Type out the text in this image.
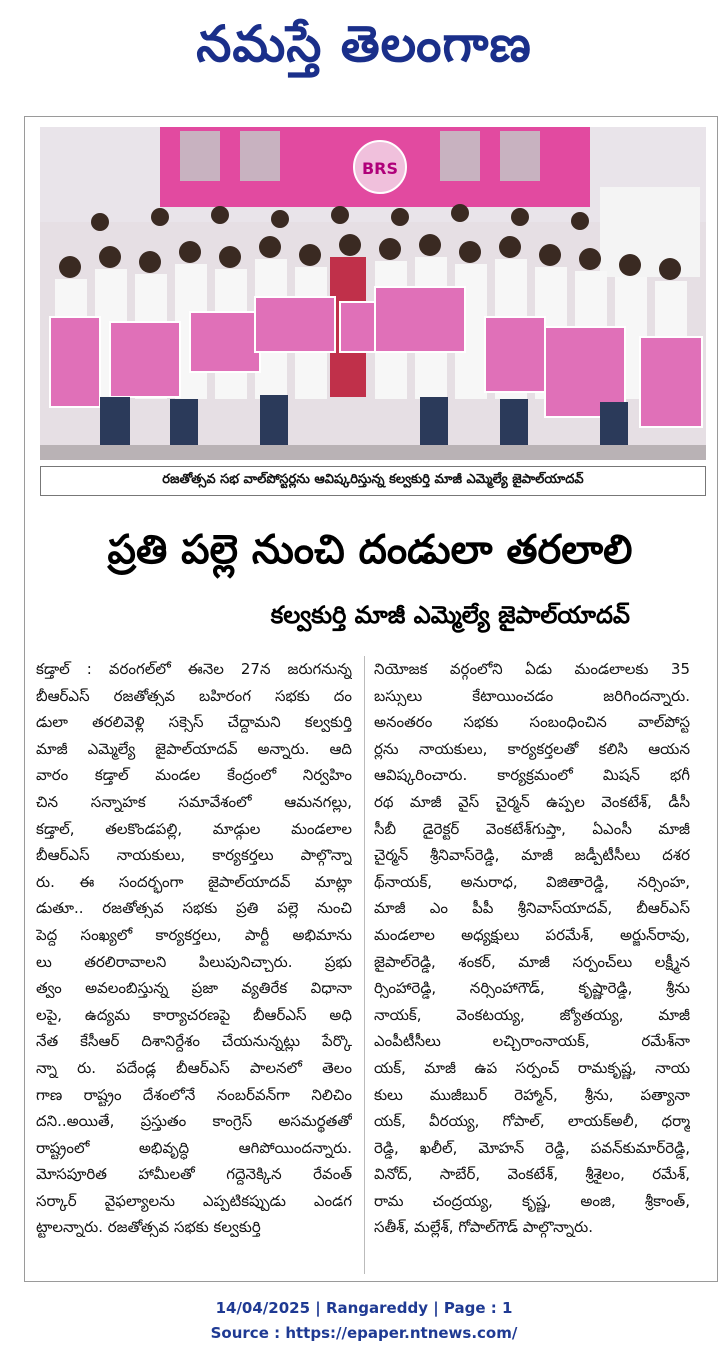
నమస్తే తెలంగాణ
BRS
రజతోత్సవ సభ వాల్‌పోస్టర్లను ఆవిష్కరిస్తున్న కల్వకుర్తి మాజీ ఎమ్మెల్యే జైపాల్‌యాదవ్
ప్రతి పల్లె నుంచి దండులా తరలాలి
కల్వకుర్తి మాజీ ఎమ్మెల్యే జైపాల్‌యాదవ్
కడ్తాల్ : వరంగల్‌లో ఈనెల 27న జరుగనున్న
బీఆర్‌ఎస్ రజతోత్సవ బహిరంగ సభకు దం
డులా తరలివెళ్లి సక్సెస్ చేద్దామని కల్వకుర్తి
మాజీ ఎమ్మెల్యే జైపాల్‌యాదవ్ అన్నారు. ఆది
వారం కడ్తాల్ మండల కేంద్రంలో నిర్వహిం
చిన సన్నాహక సమావేశంలో ఆమనగల్లు,
కడ్తాల్, తలకొండపల్లి, మాడ్గుల మండలాల
బీఆర్‌ఎస్ నాయకులు, కార్యకర్తలు పాల్గొన్నా
రు. ఈ సందర్భంగా జైపాల్‌యాదవ్ మాట్లా
డుతూ.. రజతోత్సవ సభకు ప్రతి పల్లె నుంచి
పెద్ద సంఖ్యలో కార్యకర్తలు, పార్టీ అభిమాను
లు తరలిరావాలని పిలుపునిచ్చారు. ప్రభు
త్వం అవలంబిస్తున్న ప్రజా వ్యతిరేక విధానా
లపై, ఉద్యమ కార్యాచరణపై బీఆర్‌ఎస్ అధి
నేత కేసీఆర్ దిశానిర్దేశం చేయనున్నట్లు పేర్కొ
న్నా రు. పదేండ్ల బీఆర్‌ఎస్ పాలనలో తెలం
గాణ రాష్ట్రం దేశంలోనే నంబర్‌వన్‌గా నిలిచిం
దని..అయితే, ప్రస్తుతం కాంగ్రెస్ అసమర్థతతో
రాష్ట్రంలో అభివృద్ధి ఆగిపోయిందన్నారు.
మోసపూరిత హామీలతో గద్దెనెక్కిన రేవంత్
సర్కార్ వైఫల్యాలను ఎప్పటికప్పుడు ఎండగ
ట్టాలన్నారు. రజతోత్సవ సభకు కల్వకుర్తి
నియోజక వర్గంలోని ఏడు మండలాలకు 35
బస్సులు కేటాయించడం జరిగిందన్నారు.
అనంతరం సభకు సంబంధించిన వాల్‌పోస్ట
ర్లను నాయకులు, కార్యకర్తలతో కలిసి ఆయన
ఆవిష్కరించారు. కార్యక్రమంలో మిషన్ భగీ
రథ మాజీ వైస్ చైర్మన్ ఉప్పల వెంకటేశ్, డీసీ
సీబీ డైరెక్టర్ వెంకటేశ్‌గుప్తా, ఏఎంసీ మాజీ
చైర్మన్ శ్రీనివాస్‌రెడ్డి, మాజీ జడ్పీటీసీలు దశర
థ్‌నాయక్, అనురాధ, విజితారెడ్డి, నర్సింహ,
మాజీ ఎం పీపీ శ్రీనివాస్‌యాదవ్, బీఆర్‌ఎస్
మండలాల అధ్యక్షులు పరమేశ్, అర్జున్‌రావు,
జైపాల్‌రెడ్డి, శంకర్, మాజీ సర్పంచ్‌లు లక్ష్మీన
ర్సింహారెడ్డి, నర్సింహాగౌడ్, కృష్ణారెడ్డి, శ్రీను
నాయక్, వెంకటయ్య, జ్యోతయ్య, మాజీ
ఎంపీటీసీలు లచ్చిరాంనాయక్, రమేశ్‌నా
యక్, మాజీ ఉప సర్పంచ్ రామకృష్ణ, నాయ
కులు ముజీబుర్ రెహ్మాన్, శ్రీను, పత్యానా
యక్, వీరయ్య, గోపాల్, లాయక్‌అలీ, ధర్మా
రెడ్డి, ఖలీల్, మోహన్ రెడ్డి, పవన్‌కుమార్‌రెడ్డి,
వినోద్, సాబేర్, వెంకటేశ్, శ్రీశైలం, రమేశ్,
రామ చంద్రయ్య, కృష్ణ, అంజి, శ్రీకాంత్,
సతీశ్, మల్లేశ్, గోపాల్‌గౌడ్ పాల్గొన్నారు.
14/04/2025 | Rangareddy | Page : 1
Source : https://epaper.ntnews.com/
